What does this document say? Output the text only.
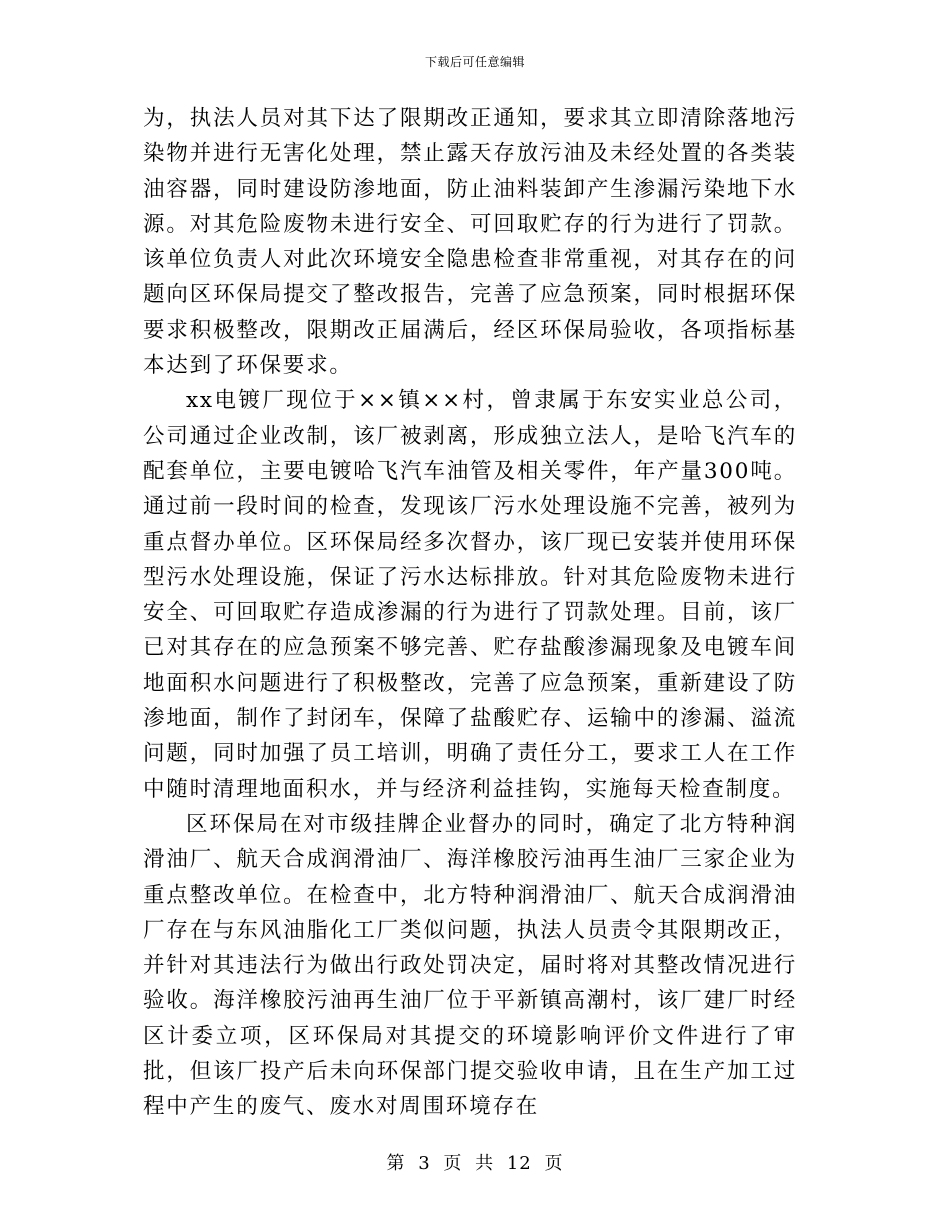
下载后可任意编辑

为，执法人员对其下达了限期改正通知，要求其立即清除落地污染物并进行无害化处理，禁止露天存放污油及未经处置的各类装油容器，同时建设防渗地面，防止油料装卸产生渗漏污染地下水源。对其危险废物未进行安全、可回取贮存的行为进行了罚款。该单位负责人对此次环境安全隐患检查非常重视，对其存在的问题向区环保局提交了整改报告，完善了应急预案，同时根据环保要求积极整改，限期改正届满后，经区环保局验收，各项指标基本达到了环保要求。

xx电镀厂现位于××镇××村，曾隶属于东安实业总公司，公司通过企业改制，该厂被剥离，形成独立法人，是哈飞汽车的配套单位，主要电镀哈飞汽车油管及相关零件，年产量300吨。通过前一段时间的检查，发现该厂污水处理设施不完善，被列为重点督办单位。区环保局经多次督办，该厂现已安装并使用环保型污水处理设施，保证了污水达标排放。针对其危险废物未进行安全、可回取贮存造成渗漏的行为进行了罚款处理。目前，该厂已对其存在的应急预案不够完善、贮存盐酸渗漏现象及电镀车间地面积水问题进行了积极整改，完善了应急预案，重新建设了防渗地面，制作了封闭车，保障了盐酸贮存、运输中的渗漏、溢流问题，同时加强了员工培训，明确了责任分工，要求工人在工作中随时清理地面积水，并与经济利益挂钩，实施每天检查制度。

区环保局在对市级挂牌企业督办的同时，确定了北方特种润滑油厂、航天合成润滑油厂、海洋橡胶污油再生油厂三家企业为重点整改单位。在检查中，北方特种润滑油厂、航天合成润滑油厂存在与东风油脂化工厂类似问题，执法人员责令其限期改正，并针对其违法行为做出行政处罚决定，届时将对其整改情况进行验收。海洋橡胶污油再生油厂位于平新镇高潮村，该厂建厂时经区计委立项，区环保局对其提交的环境影响评价文件进行了审批，但该厂投产后未向环保部门提交验收申请，且在生产加工过程中产生的废气、废水对周围环境存在

第 3 页 共 12 页
